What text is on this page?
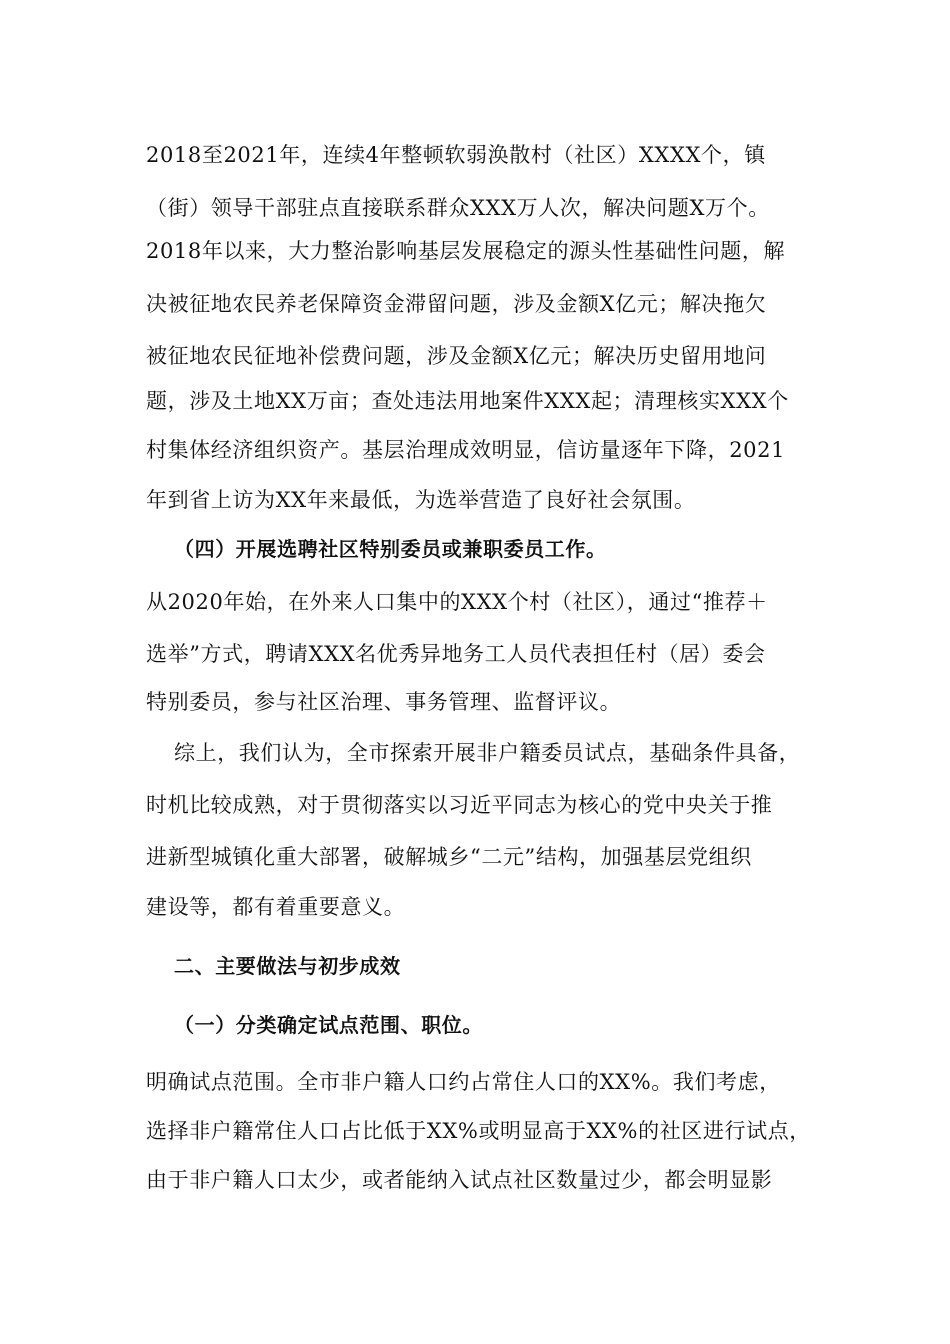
2018至2021年，连续4年整顿软弱涣散村（社区）XXXX个，镇
（街）领导干部驻点直接联系群众XXX万人次，解决问题X万个。
2018年以来，大力整治影响基层发展稳定的源头性基础性问题，解
决被征地农民养老保障资金滞留问题，涉及金额X亿元；解决拖欠
被征地农民征地补偿费问题，涉及金额X亿元；解决历史留用地问
题，涉及土地XX万亩；查处违法用地案件XXX起；清理核实XXX个
村集体经济组织资产。基层治理成效明显，信访量逐年下降，2021
年到省上访为XX年来最低，为选举营造了良好社会氛围。
（四）开展选聘社区特别委员或兼职委员工作。
从2020年始，在外来人口集中的XXX个村（社区），通过“推荐＋
选举”方式，聘请XXX名优秀异地务工人员代表担任村（居）委会
特别委员，参与社区治理、事务管理、监督评议。
综上，我们认为，全市探索开展非户籍委员试点，基础条件具备，
时机比较成熟，对于贯彻落实以习近平同志为核心的党中央关于推
进新型城镇化重大部署，破解城乡“二元”结构，加强基层党组织
建设等，都有着重要意义。
二、主要做法与初步成效
（一）分类确定试点范围、职位。
明确试点范围。全市非户籍人口约占常住人口的XX%。我们考虑，
选择非户籍常住人口占比低于XX%或明显高于XX%的社区进行试点，
由于非户籍人口太少，或者能纳入试点社区数量过少，都会明显影
